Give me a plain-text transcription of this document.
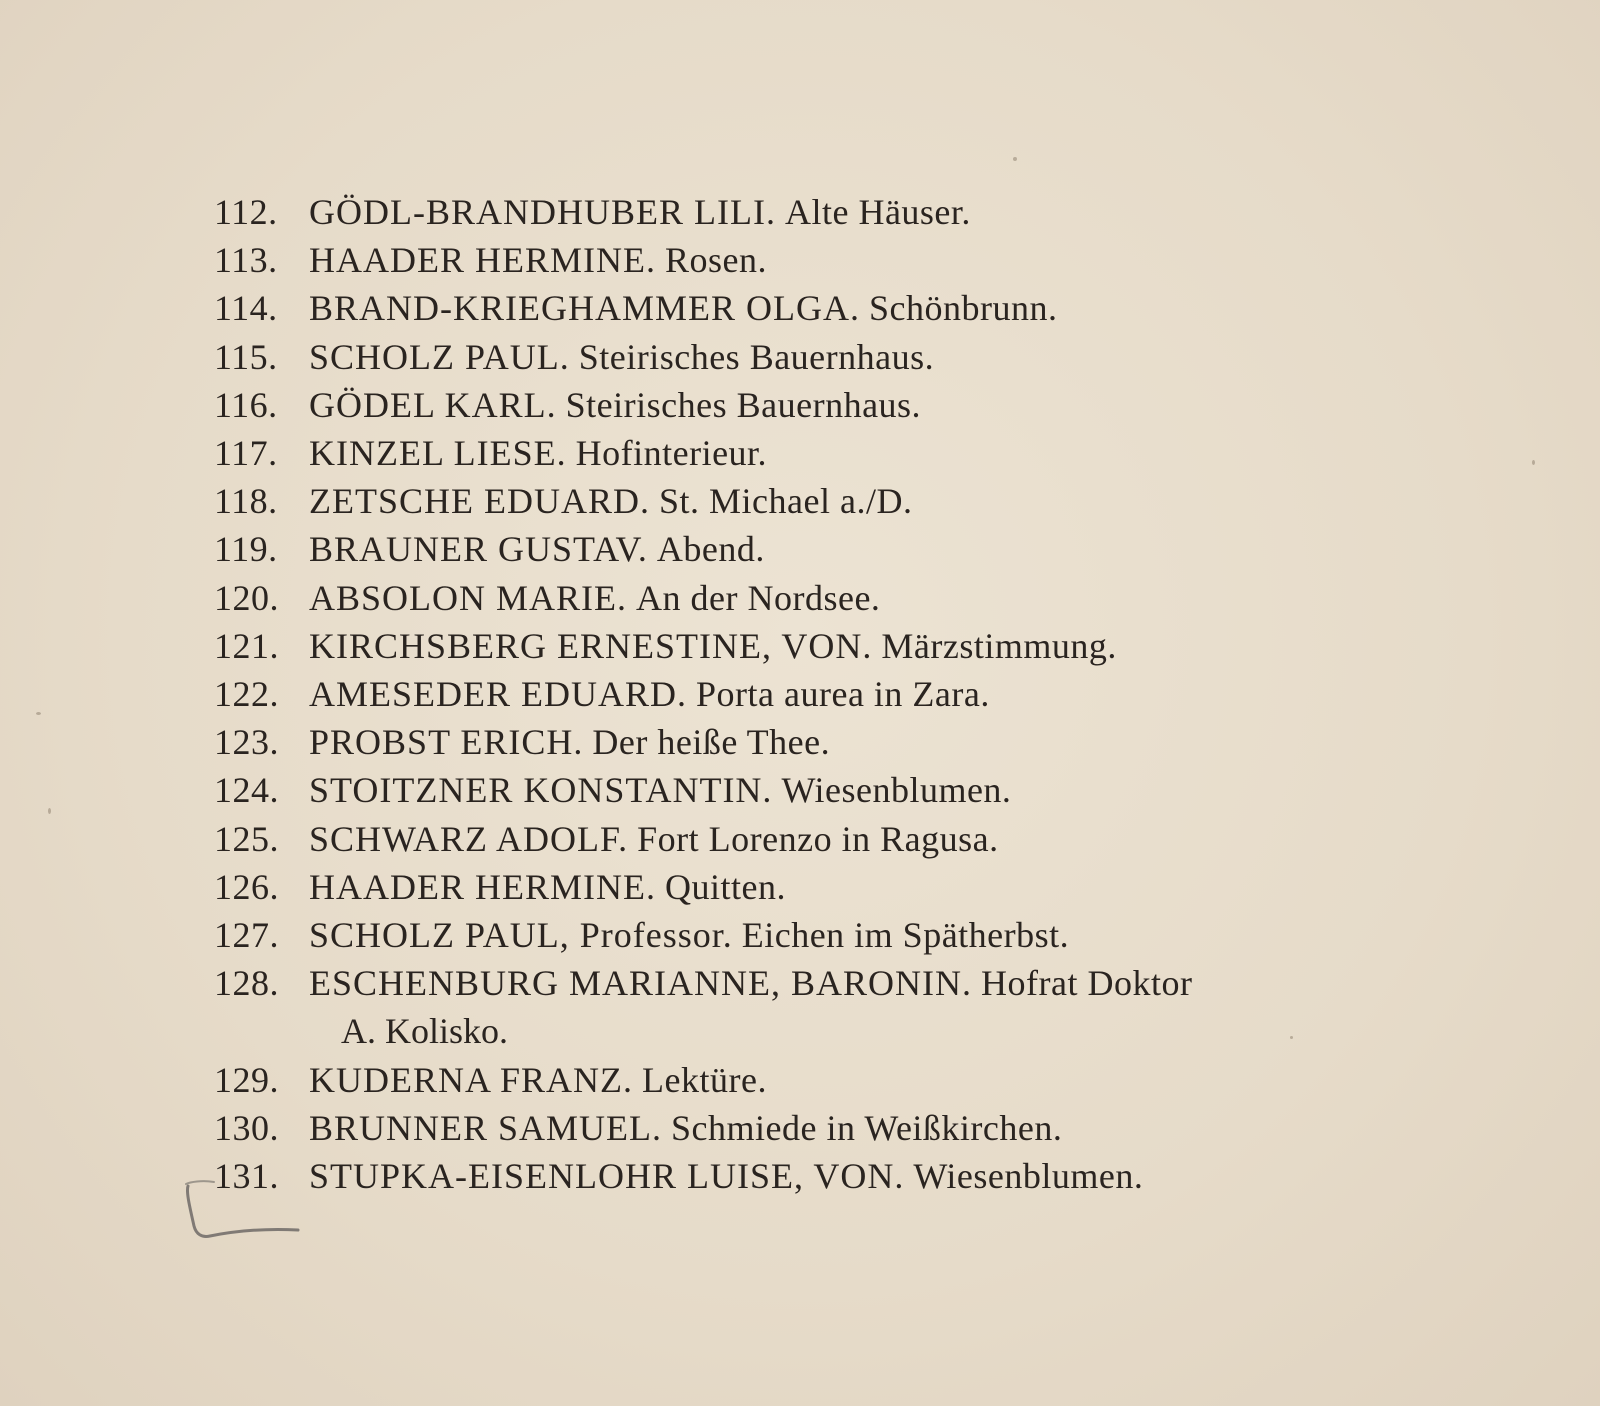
112. GÖDL-BRANDHUBER LILI. Alte Häuser.
113. HAADER HERMINE. Rosen.
114. BRAND-KRIEGHAMMER OLGA. Schönbrunn.
115. SCHOLZ PAUL. Steirisches Bauernhaus.
116. GÖDEL KARL. Steirisches Bauernhaus.
117. KINZEL LIESE. Hofinterieur.
118. ZETSCHE EDUARD. St. Michael a./D.
119. BRAUNER GUSTAV. Abend.
120. ABSOLON MARIE. An der Nordsee.
121. KIRCHSBERG ERNESTINE, VON. Märzstimmung.
122. AMESEDER EDUARD. Porta aurea in Zara.
123. PROBST ERICH. Der heiße Thee.
124. STOITZNER KONSTANTIN. Wiesenblumen.
125. SCHWARZ ADOLF. Fort Lorenzo in Ragusa.
126. HAADER HERMINE. Quitten.
127. SCHOLZ PAUL, Professor. Eichen im Spätherbst.
128. ESCHENBURG MARIANNE, BARONIN. Hofrat Doktor
A. Kolisko.
129. KUDERNA FRANZ. Lektüre.
130. BRUNNER SAMUEL. Schmiede in Weißkirchen.
131. STUPKA-EISENLOHR LUISE, VON. Wiesenblumen.
